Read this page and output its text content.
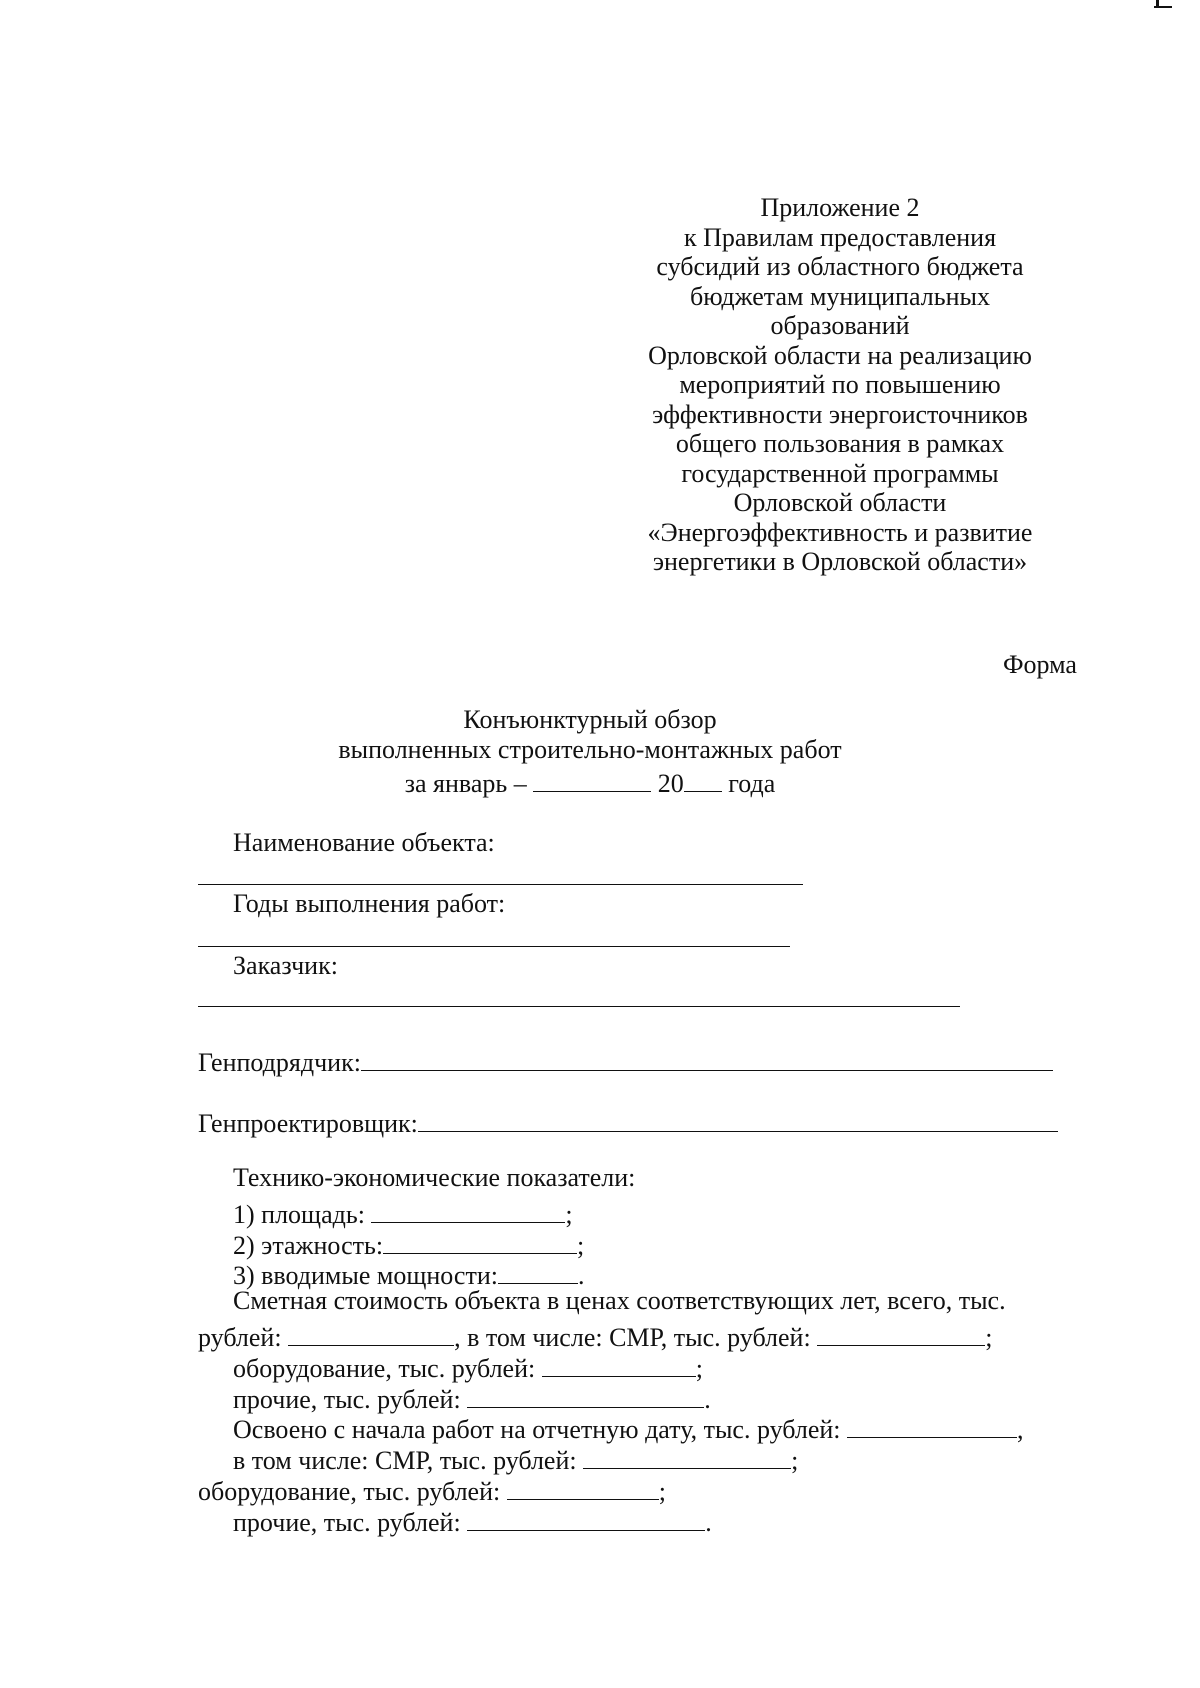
Приложение 2
к Правилам предоставления
субсидий из областного бюджета
бюджетам муниципальных
образований
Орловской области на реализацию
мероприятий по повышению
эффективности энергоисточников
общего пользования в рамках
государственной программы
Орловской области
«Энергоэффективность и развитие
энергетики в Орловской области»
Форма
Конъюнктурный обзор
выполненных строительно-монтажных работ
за январь –	20 года
Наименование объекта:
Годы выполнения работ:
Заказчик:
Генподрядчик:
Генпроектировщик:
Технико-экономические показатели:
1) площадь:	;
2) этажность:	;
3) вводимые мощности:	.
Сметная стоимость объекта в ценах соответствующих лет, всего, тыс.
рублей:	, в том числе: СМР, тыс. рублей:	;
оборудование, тыс. рублей:	;
прочие, тыс. рублей:	.
Освоено с начала работ на отчетную дату, тыс. рублей:	,
в том числе: СМР, тыс. рублей:	;
оборудование, тыс. рублей:	;
прочие, тыс. рублей:	.
